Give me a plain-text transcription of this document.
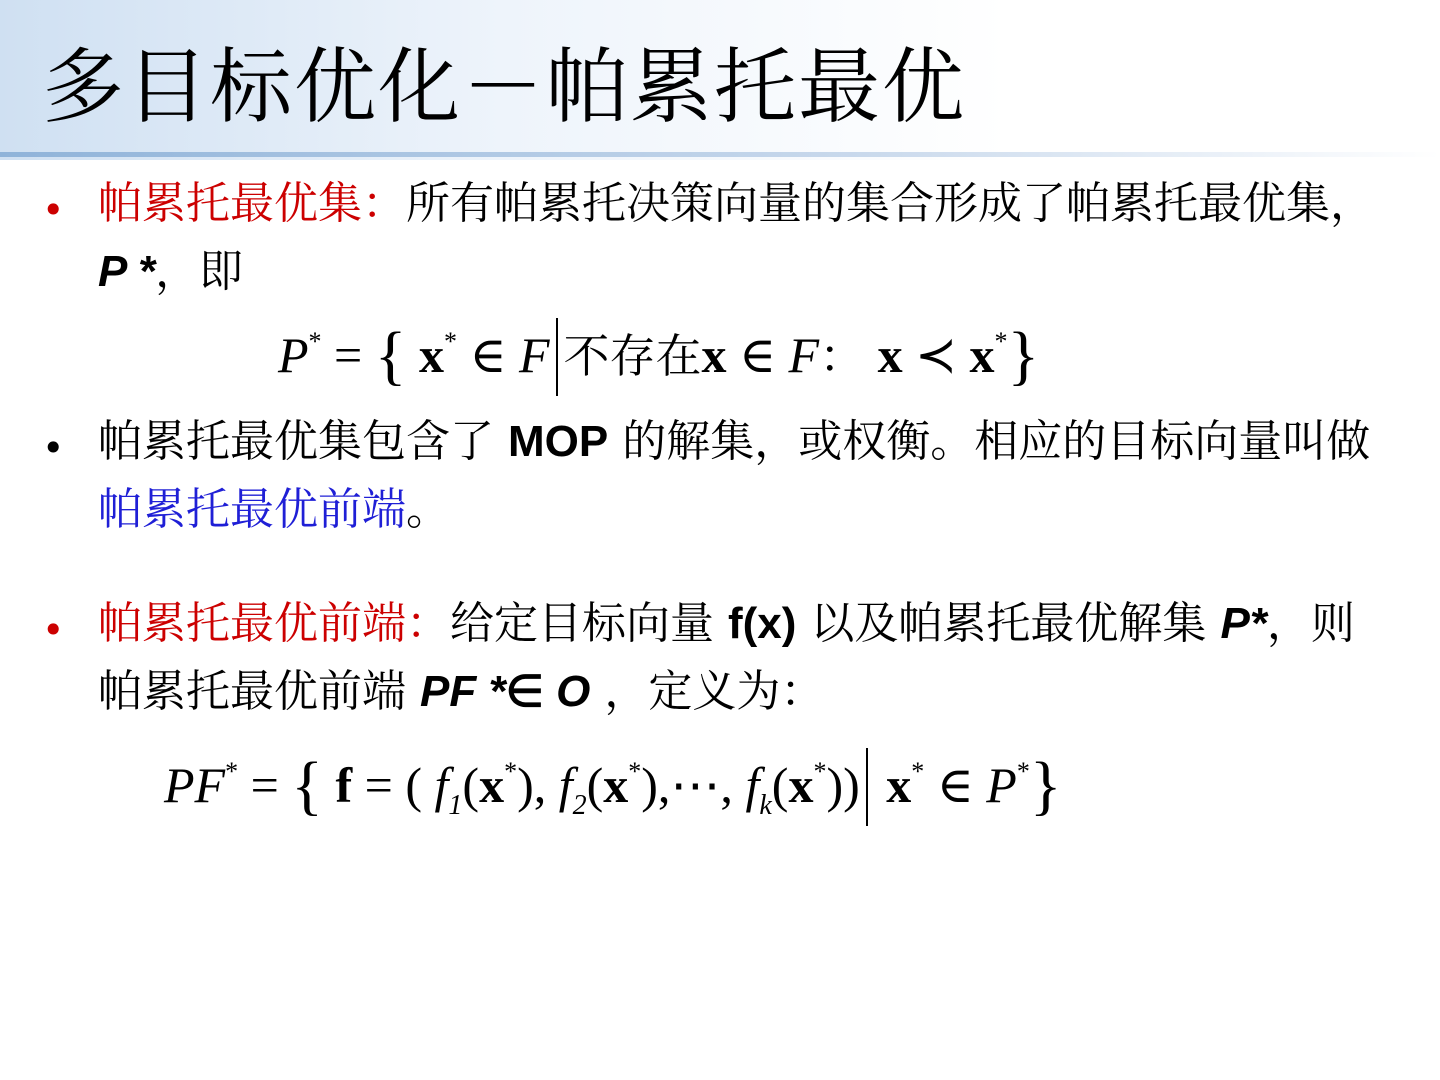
多目标优化－帕累托最优
• 帕累托最优集：所有帕累托决策向量的集合形成了帕累托最优集， P *，即
P* = { x* ∈ F 不存在x ∈ F： x ≺ x*}
• 帕累托最优集包含了 MOP 的解集，或权衡。相应的目标向量叫做帕累托最优前端。
• 帕累托最优前端：给定目标向量 f(x) 以及帕累托最优解集 P*，则帕累托最优前端 PF *∈ O ，定义为：
PF* = { f = ( $f_1(x^*)$, $f_2(x^*),\cdots$, $f_k(x^*)$) x* ∈ P*}
